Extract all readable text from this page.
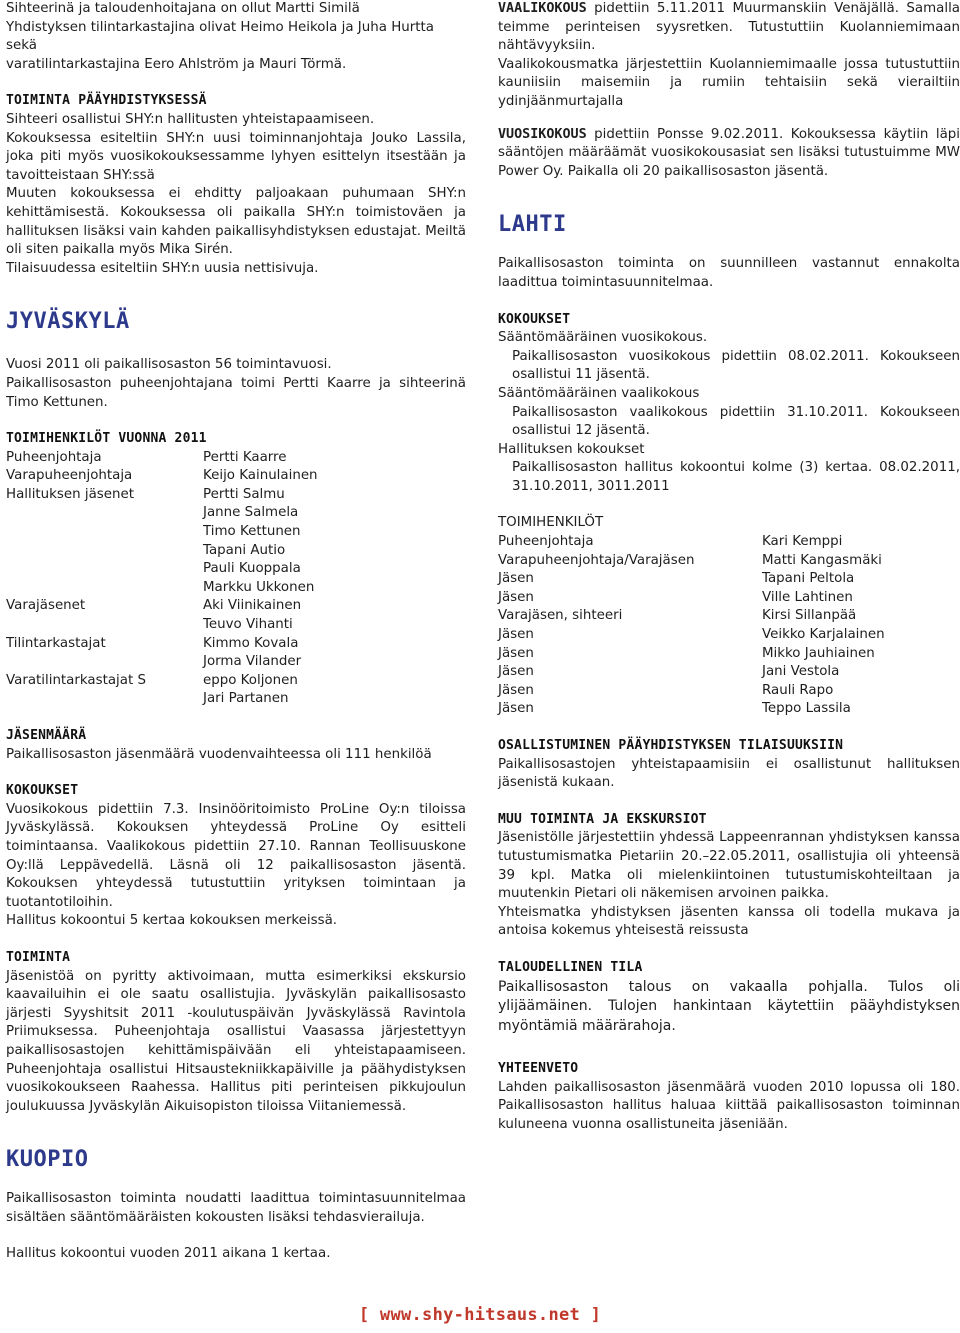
Sihteerinä ja taloudenhoitajana on ollut Martti Similä

Yhdistyksen tilintarkastajina olivat Heimo Heikola ja Juha Hurtta sekä

varatilintarkastajina Eero Ahlström ja Mauri Törmä.

TOIMINTA PÄÄYHDISTYKSESSÄ

Sihteeri osallistui SHY:n hallitusten yhteistapaamiseen.

Kokouksessa esiteltiin SHY:n uusi toiminnanjohtaja Jouko Lassila, joka piti myös vuosikokouksessamme lyhyen esittelyn itsestään ja tavoitteistaan SHY:ssä

Muuten kokouksessa ei ehditty paljoakaan puhumaan SHY:n kehittämisestä. Kokouksessa oli paikalla SHY:n toimistoväen ja hallituksen lisäksi vain kahden paikallisyhdistyksen edustajat. Meiltä oli siten paikalla myös Mika Sirén.

Tilaisuudessa esiteltiin SHY:n uusia nettisivuja.

JYVÄSKYLÄ

Vuosi 2011 oli paikallisosaston 56 toimintavuosi.

Paikallisosaston puheenjohtajana toimi Pertti Kaarre ja sihteerinä Timo Kettunen.

TOIMIHENKILÖT VUONNA 2011
Puheenjohtaja	Pertti Kaarre
Varapuheenjohtaja	Keijo Kainulainen
Hallituksen jäsenet	Pertti Salmu
Janne Salmela
Timo Kettunen
Tapani Autio
Pauli Kuoppala
Markku Ukkonen
Varajäsenet	Aki Viinikainen
Teuvo Vihanti
Tilintarkastajat	Kimmo Kovala
Jorma Vilander
Varatilintarkastajat S	eppo Koljonen
Jari Partanen
JÄSENMÄÄRÄ

Paikallisosaston jäsenmäärä vuodenvaihteessa oli 111 henkilöä

KOKOUKSET

Vuosikokous pidettiin 7.3. Insinööritoimisto ProLine Oy:n tiloissa Jyväskylässä. Kokouksen yhteydessä ProLine Oy esitteli toimintaansa. Vaalikokous pidettiin 27.10. Rannan Teollisuuskone Oy:llä Leppävedellä. Läsnä oli 12 paikallisosaston jäsentä. Kokouksen yhteydessä tutustuttiin yrityksen toimintaan ja tuotantotiloihin.

Hallitus kokoontui 5 kertaa kokouksen merkeissä.

TOIMINTA

Jäsenistöä on pyritty aktivoimaan, mutta esimerkiksi ekskursio kaavailuihin ei ole saatu osallistujia. Jyväskylän paikallisosasto järjesti Syyshitsit 2011 -koulutuspäivän Jyväskylässä Ravintola Priimuksessa. Puheenjohtaja osallistui Vaasassa järjestettyyn paikallisosastojen kehittämispäivään eli yhteistapaamiseen. Puheenjohtaja osallistui Hitsaustekniikkapäiville ja päähydistyksen vuosikokoukseen Raahessa. Hallitus piti perinteisen pikkujoulun joulukuussa Jyväskylän Aikuisopiston tiloissa Viitaniemessä.

KUOPIO

Paikallisosaston toiminta noudatti laadittua toimintasuunnitelmaa sisältäen sääntömääräisten kokousten lisäksi tehdasvierailuja.

Hallitus kokoontui vuoden 2011 aikana 1 kertaa.

VAALIKOKOUS pidettiin 5.11.2011 Muurmanskiin Venäjällä. Samalla teimme perinteisen syysretken. Tutustuttiin Kuolanniemimaan nähtävyyksiin.

Vaalikokousmatka järjestettiin Kuolanniemimaalle jossa tutustuttiin kauniisiin maisemiin ja rumiin tehtaisiin sekä vierailtiin ydinjäänmurtajalla

VUOSIKOKOUS pidettiin Ponsse 9.02.2011. Kokouksessa käytiin läpi sääntöjen määräämät vuosikokousasiat sen lisäksi tutustuimme MW Power Oy. Paikalla oli 20 paikallisosaston jäsentä.

LAHTI

Paikallisosaston toiminta on suunnilleen vastannut ennakolta laadittua toimintasuunnitelmaa.

KOKOUKSET

Sääntömääräinen vuosikokous.

Paikallisosaston vuosikokous pidettiin 08.02.2011. Kokoukseen osallistui 11 jäsentä.

Sääntömääräinen vaalikokous

Paikallisosaston vaalikokous pidettiin 31.10.2011. Kokoukseen osallistui 12 jäsentä.

Hallituksen kokoukset

Paikallisosaston hallitus kokoontui kolme (3) kertaa. 08.02.2011, 31.10.2011, 3011.2011

TOIMIHENKILÖT

Puheenjohtaja	Kari Kemppi
Varapuheenjohtaja/Varajäsen	Matti Kangasmäki
Jäsen	Tapani Peltola
Jäsen	Ville Lahtinen
Varajäsen, sihteeri	Kirsi Sillanpää
Jäsen	Veikko Karjalainen
Jäsen	Mikko Jauhiainen
Jäsen	Jani Vestola
Jäsen	Rauli Rapo
Jäsen	Teppo Lassila
OSALLISTUMINEN PÄÄYHDISTYKSEN TILAISUUKSIIN

Paikallisosastojen yhteistapaamisiin ei osallistunut hallituksen jäsenistä kukaan.

MUU TOIMINTA JA EKSKURSIOT

Jäsenistölle järjestettiin yhdessä Lappeenrannan yhdistyksen kanssa tutustumismatka Pietariin 20.–22.05.2011, osallistujia oli yhteensä 39 kpl. Matka oli mielenkiintoinen tutustumiskohteiltaan ja muutenkin Pietari oli näkemisen arvoinen paikka.

Yhteismatka yhdistyksen jäsenten kanssa oli todella mukava ja antoisa kokemus yhteisestä reissusta

TALOUDELLINEN TILA

Paikallisosaston talous on vakaalla pohjalla. Tulos oli ylijäämäinen. Tulojen hankintaan käytettiin pääyhdistyksen myöntämiä määrärahoja.

YHTEENVETO

Lahden paikallisosaston jäsenmäärä vuoden 2010 lopussa oli 180. Paikallisosaston hallitus haluaa kiittää paikallisosaston toiminnan kuluneena vuonna osallistuneita jäseniään.

[ www.shy-hitsaus.net ]
